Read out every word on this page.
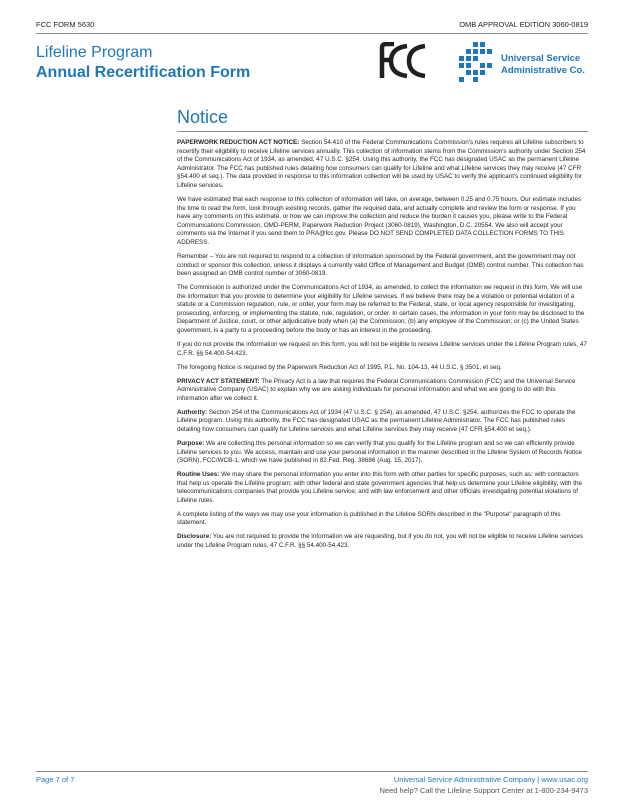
FCC FORM 5630	OMB APPROVAL EDITION 3060-0819
Lifeline Program
Annual Recertification Form
Universal Service
Administrative Co.
Notice

PAPERWORK REDUCTION ACT NOTICE: Section 54.410 of the Federal Communications Commission's rules requires all Lifeline subscribers to recertify their eligibility to receive Lifeline services annually. This collection of information stems from the Commission's authority under Section 254 of the Communications Act of 1934, as amended, 47 U.S.C. §254. Using this authority, the FCC has designated USAC as the permanent Lifeline Administrator. The FCC has published rules detailing how consumers can qualify for Lifeline and what Lifeline services they may receive (47 CFR §54.400 et seq.). The data provided in response to this information collection will be used by USAC to verify the applicant's continued eligibility for Lifeline services.

We have estimated that each response to this collection of information will take, on average, between 0.25 and 0.75 hours. Our estimate includes the time to read the form, look through existing records, gather the required data, and actually complete and review the form or response. If you have any comments on this estimate, or how we can improve the collection and reduce the burden it causes you, please write to the Federal Communications Commission, OMD-PERM, Paperwork Reduction Project (3060-0819), Washington, D.C. 20554. We also will accept your comments via the Internet if you send them to PRA@fcc.gov. Please DO NOT SEND COMPLETED DATA COLLECTION FORMS TO THIS ADDRESS.

Remember – You are not required to respond to a collection of information sponsored by the Federal government, and the government may not conduct or sponsor this collection, unless it displays a currently valid Office of Management and Budget (OMB) control number. This collection has been assigned an OMB control number of 3060-0819.

The Commission is authorized under the Communications Act of 1934, as amended, to collect the information we request in this form. We will use the information that you provide to determine your eligibility for Lifeline services. If we believe there may be a violation or potential violation of a statute or a Commission regulation, rule, or order, your form may be referred to the Federal, state, or local agency responsible for investigating, prosecuting, enforcing, or implementing the statute, rule, regulation, or order. In certain cases, the information in your form may be disclosed to the Department of Justice, court, or other adjudicative body when (a) the Commission; (b) any employee of the Commission; or (c) the United States government, is a party to a proceeding before the body or has an interest in the proceeding.

If you do not provide the information we request on this form, you will not be eligible to receive Lifeline services under the Lifeline Program rules, 47 C.F.R. §§ 54.400-54.423.

The foregoing Notice is required by the Paperwork Reduction Act of 1995, P.L. No. 104-13, 44 U.S.C. § 3501, et seq.

PRIVACY ACT STATEMENT: The Privacy Act is a law that requires the Federal Communications Commission (FCC) and the Universal Service Administrative Company (USAC) to explain why we are asking individuals for personal information and what we are going to do with this information after we collect it.

Authority: Section 254 of the Communications Act of 1934 (47 U.S.C. § 254), as amended, 47 U.S.C. §254, authorizes the FCC to operate the Lifeline program. Using this authority, the FCC has designated USAC as the permanent Lifeline Administrator. The FCC has published rules detailing how consumers can qualify for Lifeline services and what Lifeline services they may receive (47 CFR §54.400 et seq.).

Purpose: We are collecting this personal information so we can verify that you qualify for the Lifeline program and so we can efficiently provide Lifeline services to you. We access, maintain and use your personal information in the manner described in the Lifeline System of Records Notice (SORN), FCC/WCB-1, which we have published in 82 Fed. Reg. 38686 (Aug. 15, 2017).

Routine Uses: We may share the personal information you enter into this form with other parties for specific purposes, such as: with contractors that help us operate the Lifeline program; with other federal and state government agencies that help us determine your Lifeline eligibility; with the telecommunications companies that provide you Lifeline service; and with law enforcement and other officials investigating potential violations of Lifeline rules.

A complete listing of the ways we may use your information is published in the Lifeline SORN described in the "Purpose" paragraph of this statement.

Disclosure: You are not required to provide the information we are requesting, but if you do not, you will not be eligible to receive Lifeline services under the Lifeline Program rules, 47 C.F.R. §§ 54.400-54.423.

Page 7 of 7	Universal Service Administrative Company | www.usac.org
Need help? Call the Lifeline Support Center at 1-800-234-9473
